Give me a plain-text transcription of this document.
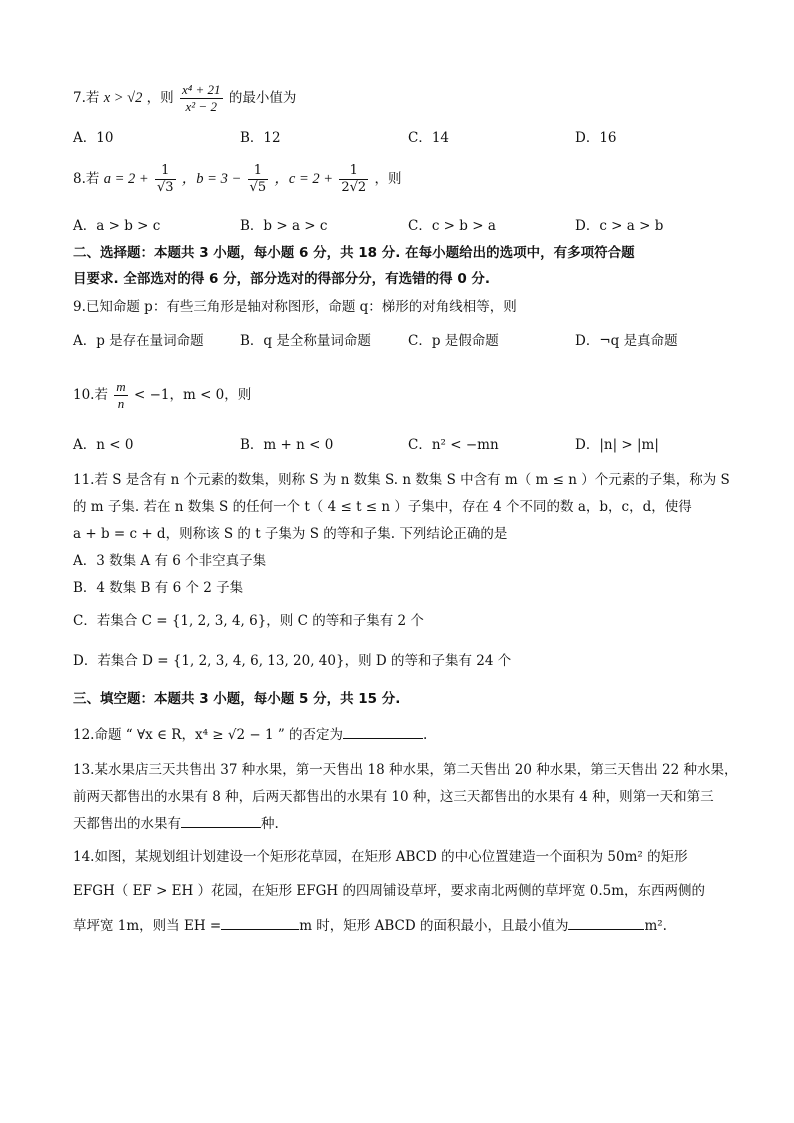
7.若 x > √2 ，则 $\frac{\text{x⁴ + 21}}{\text{x² − 2}}$ 的最小值为
A．10	B．12	C．14	D．16
8.若 $a = 2 + \frac{1}{√3}$ ，$b = 3 - \frac{1}{√5}$ ，$c = 2 + \frac{1}{2√2}$ ，则
A．a > b > c	B．b > a > c	C．c > b > a	D．c > a > b
二、选择题：本题共 3 小题，每小题 6 分，共 18 分. 在每小题给出的选项中，有多项符合题
目要求. 全部选对的得 6 分，部分选对的得部分分，有选错的得 0 分.
9.已知命题 p：有些三角形是轴对称图形，命题 q：梯形的对角线相等，则
A．p 是存在量词命题	B．q 是全称量词命题	C．p 是假命题	D．¬q 是真命题
10.若 $\frac{m}{n} < -1$，m < 0，则
A．n < 0	B．m + n < 0	C．n² < −mn	D．|n| > |m|
11.若 S 是含有 n 个元素的数集，则称 S 为 n 数集 S. n 数集 S 中含有 m（ m ≤ n ）个元素的子集，称为 S
的 m 子集. 若在 n 数集 S 的任何一个 t（ 4 ≤ t ≤ n ）子集中，存在 4 个不同的数 a，b，c，d，使得
a + b = c + d，则称该 S 的 t 子集为 S 的等和子集. 下列结论正确的是
A．3 数集 A 有 6 个非空真子集
B．4 数集 B 有 6 个 2 子集
C．若集合 C = {1, 2, 3, 4, 6}，则 C 的等和子集有 2 个
D．若集合 D = {1, 2, 3, 4, 6, 13, 20, 40}，则 D 的等和子集有 24 个
三、填空题：本题共 3 小题，每小题 5 分，共 15 分.
12.命题 “ ∀x ∈ R，x⁴ ≥ √2 − 1 ” 的否定为	.
13.某水果店三天共售出 37 种水果，第一天售出 18 种水果，第二天售出 20 种水果，第三天售出 22 种水果，
前两天都售出的水果有 8 种，后两天都售出的水果有 10 种，这三天都售出的水果有 4 种，则第一天和第三
天都售出的水果有	种.
14.如图，某规划组计划建设一个矩形花草园，在矩形 ABCD 的中心位置建造一个面积为 50m² 的矩形
EFGH（ EF > EH ）花园，在矩形 EFGH 的四周铺设草坪，要求南北两侧的草坪宽 0.5m，东西两侧的
草坪宽 1m，则当 EH =	m 时，矩形 ABCD 的面积最小，且最小值为	m².
